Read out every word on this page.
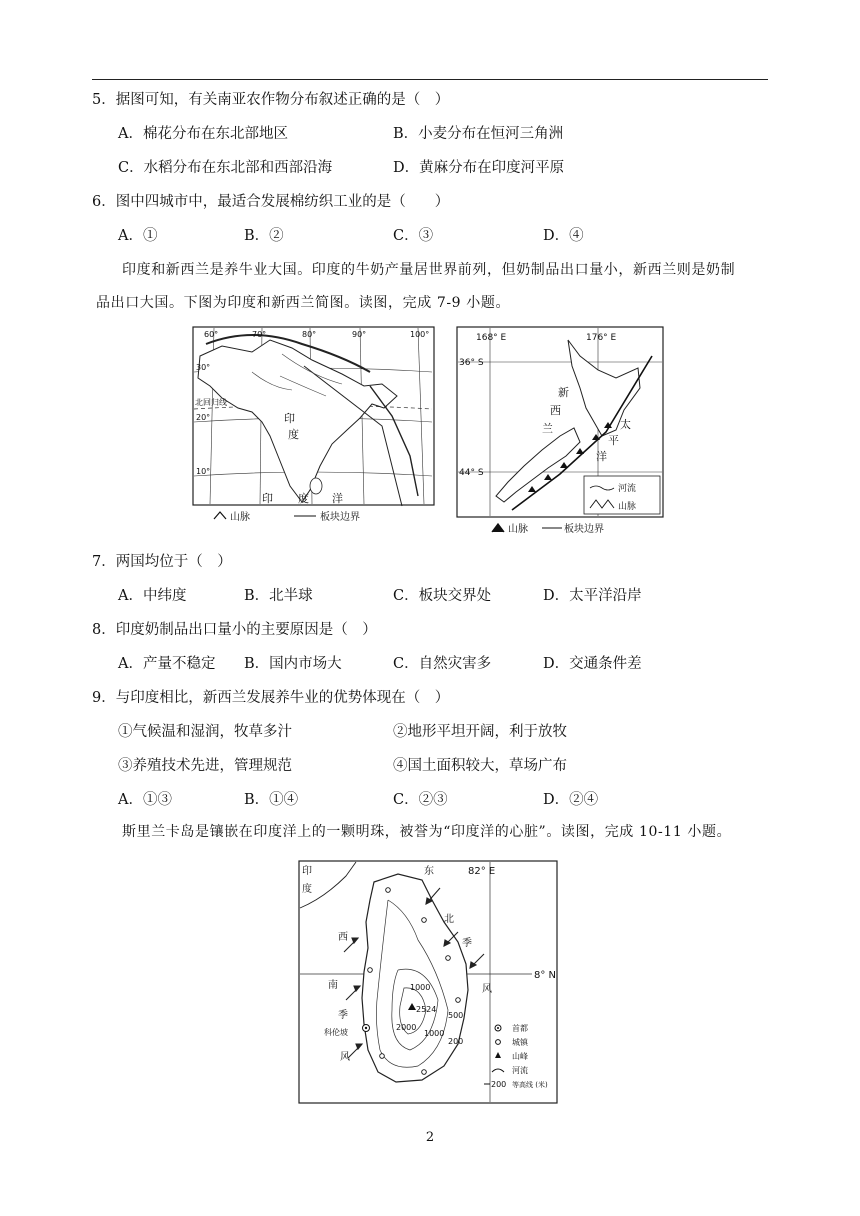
5．据图可知，有关南亚农作物分布叙述正确的是（　）
A．棉花分布在东北部地区	B．小麦分布在恒河三角洲
C．水稻分布在东北部和西部沿海	D．黄麻分布在印度河平原
6．图中四城市中，最适合发展棉纺织工业的是（　　）
A．①	B．②	C．③	D．④
印度和新西兰是养牛业大国。印度的牛奶产量居世界前列，但奶制品出口量小，新西兰则是奶制
品出口大国。下图为印度和新西兰简图。读图，完成 7-9 小题。
60°	70°	80°	90°	100°
30°
20°
10°
北回归线
印
度
印 度 洋
山脉	板块边界
168° E	176° E
36° S
44° S
新
西
兰	太
平
洋
河流
山脉
山脉	板块边界
7．两国均位于（　）
A．中纬度	B．北半球	C．板块交界处	D．太平洋沿岸
8．印度奶制品出口量小的主要原因是（　）
A．产量不稳定 B．国内市场大	C．自然灾害多	D．交通条件差
9．与印度相比，新西兰发展养牛业的优势体现在（　）
①气候温和湿润，牧草多汁	②地形平坦开阔，利于放牧
③养殖技术先进，管理规范	④国土面积较大，草场广布
A．①③	B．①④	C．②③	D．②④
斯里兰卡岛是镶嵌在印度洋上的一颗明珠，被誉为“印度洋的心脏”。读图，完成 10-11 小题。
印
度
82° E
8° N
东
北
季
风
西
南
季
风
科伦坡
2524
1000
2000
1000
500
200
首都
城镇
山峰
河流
200 等高线 (米)
2
